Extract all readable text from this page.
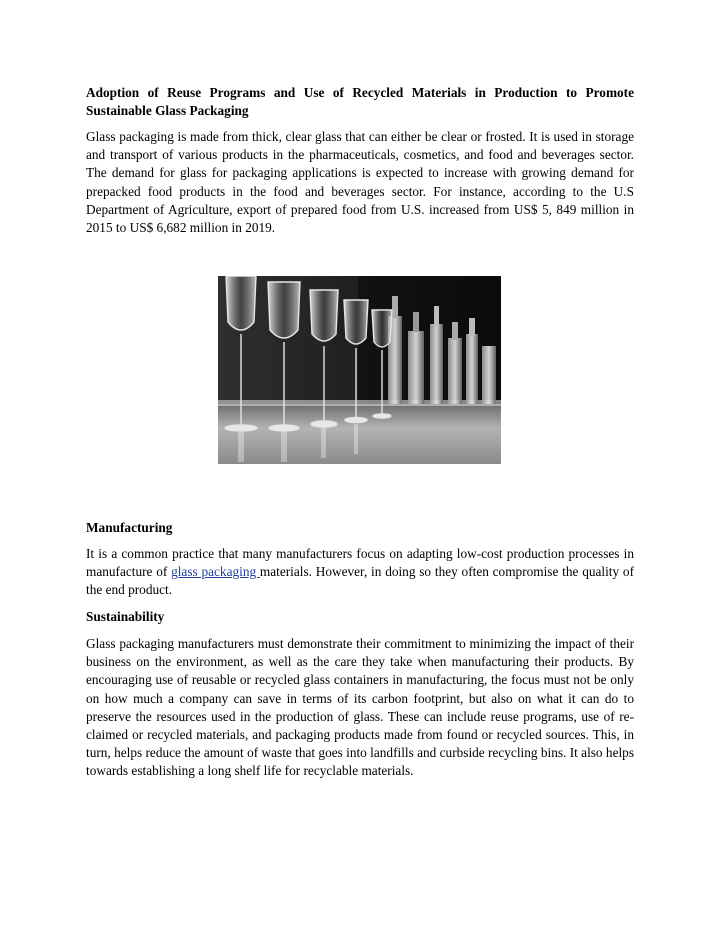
Adoption of Reuse Programs and Use of Recycled Materials in Production to Promote Sustainable Glass Packaging

Glass packaging is made from thick, clear glass that can either be clear or frosted. It is used in storage and transport of various products in the pharmaceuticals, cosmetics, and food and beverages sector. The demand for glass for packaging applications is expected to increase with growing demand for prepacked food products in the food and beverages sector. For instance, according to the U.S Department of Agriculture, export of prepared food from U.S. increased from US$ 5, 849 million in 2015 to US$ 6,682 million in 2019.

Manufacturing

It is a common practice that many manufacturers focus on adapting low-cost production processes in manufacture of glass packaging materials. However, in doing so they often compromise the quality of the end product.

Sustainability

Glass packaging manufacturers must demonstrate their commitment to minimizing the impact of their business on the environment, as well as the care they take when manufacturing their products. By encouraging use of reusable or recycled glass containers in manufacturing, the focus must not be only on how much a company can save in terms of its carbon footprint, but also on what it can do to preserve the resources used in the production of glass. These can include reuse programs, use of re-claimed or recycled materials, and packaging products made from found or recycled sources. This, in turn, helps reduce the amount of waste that goes into landfills and curbside recycling bins. It also helps towards establishing a long shelf life for recyclable materials.
